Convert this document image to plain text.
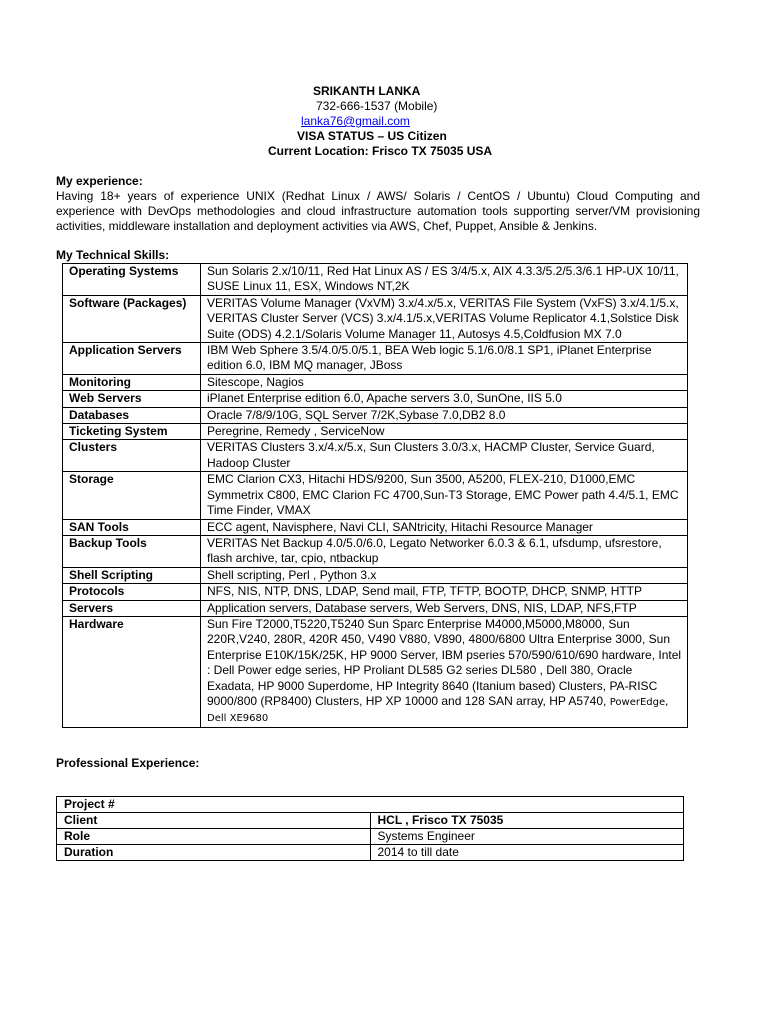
SRIKANTH LANKA
732-666-1537 (Mobile)
lanka76@gmail.com
VISA STATUS – US Citizen
Current Location: Frisco TX 75035 USA
My experience:
Having 18+ years of experience UNIX (Redhat Linux / AWS/ Solaris / CentOS / Ubuntu) Cloud Computing and experience with DevOps methodologies and cloud infrastructure automation tools supporting server/VM provisioning activities, middleware installation and deployment activities via AWS, Chef, Puppet, Ansible & Jenkins.
My Technical Skills:
Operating Systems	Sun Solaris 2.x/10/11, Red Hat Linux AS / ES 3/4/5.x, AIX 4.3.3/5.2/5.3/6.1 HP-UX 10/11, SUSE Linux 11, ESX, Windows NT,2K
Software (Packages)	VERITAS Volume Manager (VxVM) 3.x/4.x/5.x, VERITAS File System (VxFS) 3.x/4.1/5.x, VERITAS Cluster Server (VCS) 3.x/4.1/5.x,VERITAS Volume Replicator 4.1,Solstice Disk Suite (ODS) 4.2.1/Solaris Volume Manager 11, Autosys 4.5,Coldfusion MX 7.0
Application Servers	IBM Web Sphere 3.5/4.0/5.0/5.1, BEA Web logic 5.1/6.0/8.1 SP1, iPlanet Enterprise edition 6.0, IBM MQ manager, JBoss
Monitoring	Sitescope, Nagios
Web Servers	iPlanet Enterprise edition 6.0, Apache servers 3.0, SunOne, IIS 5.0
Databases	Oracle 7/8/9/10G, SQL Server 7/2K,Sybase 7.0,DB2 8.0
Ticketing System	Peregrine, Remedy , ServiceNow
Clusters	VERITAS Clusters 3.x/4.x/5.x, Sun Clusters 3.0/3.x, HACMP Cluster, Service Guard, Hadoop Cluster
Storage	EMC Clarion CX3, Hitachi HDS/9200, Sun 3500, A5200, FLEX-210, D1000,EMC Symmetrix C800, EMC Clarion FC 4700,Sun-T3 Storage, EMC Power path 4.4/5.1, EMC Time Finder, VMAX
SAN Tools	ECC agent, Navisphere, Navi CLI, SANtricity, Hitachi Resource Manager
Backup Tools	VERITAS Net Backup 4.0/5.0/6.0, Legato Networker 6.0.3 & 6.1, ufsdump, ufsrestore, flash archive, tar, cpio, ntbackup
Shell Scripting	Shell scripting, Perl , Python 3.x
Protocols	NFS, NIS, NTP, DNS, LDAP, Send mail, FTP, TFTP, BOOTP, DHCP, SNMP, HTTP
Servers	Application servers, Database servers, Web Servers, DNS, NIS, LDAP, NFS,FTP
Hardware	Sun Fire T2000,T5220,T5240 Sun Sparc Enterprise M4000,M5000,M8000, Sun 220R,V240, 280R, 420R 450, V490 V880, V890, 4800/6800 Ultra Enterprise 3000, Sun Enterprise E10K/15K/25K, HP 9000 Server, IBM pseries 570/590/610/690 hardware, Intel : Dell Power edge series, HP Proliant DL585 G2 series DL580 , Dell 380, Oracle Exadata, HP 9000 Superdome, HP Integrity 8640 (Itanium based) Clusters, PA-RISC 9000/800 (RP8400) Clusters, HP XP 10000 and 128 SAN array, HP A5740, PowerEdge, Dell XE9680
Professional Experience:
Project #	
Client	HCL , Frisco TX 75035
Role	Systems Engineer
Duration	2014 to till date
